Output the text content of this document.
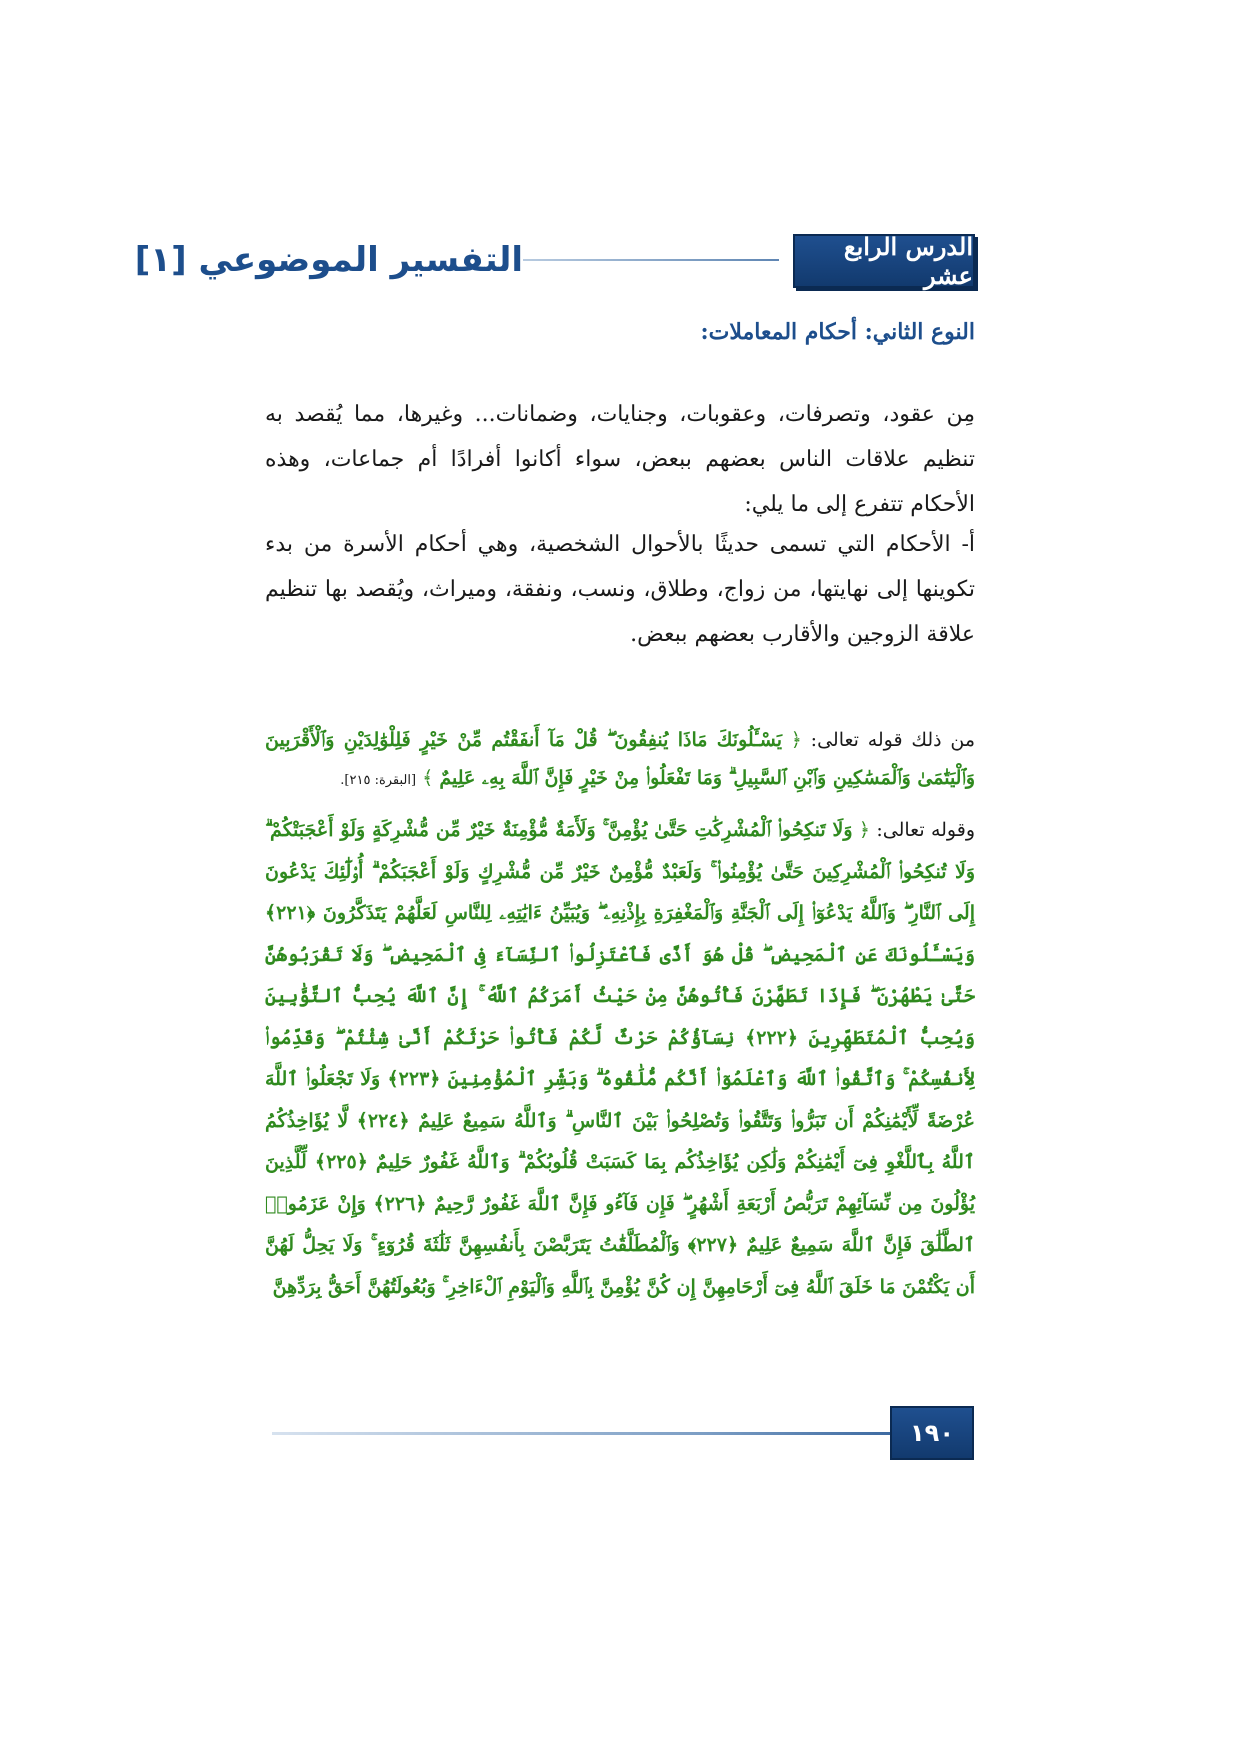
التفسير الموضوعي [١]	الدرس الرابع عشر
النوع الثاني: أحكام المعاملات:
مِن عقود، وتصرفات، وعقوبات، وجنايات، وضمانات... وغيرها، مما يُقصد به تنظيم علاقات الناس بعضهم ببعض، سواء أكانوا أفرادًا أم جماعات، وهذه الأحكام تتفرع إلى ما يلي:
أ- الأحكام التي تسمى حديثًا بالأحوال الشخصية، وهي أحكام الأسرة من بدء تكوينها إلى نهايتها، من زواج، وطلاق، ونسب، ونفقة، وميراث، ويُقصد بها تنظيم علاقة الزوجين والأقارب بعضهم ببعض.
من ذلك قوله تعالى: ﴿ يَسْـَٔلُونَكَ مَاذَا يُنفِقُونَ ۖ قُلْ مَآ أَنفَقْتُم مِّنْ خَيْرٍ فَلِلْوَٰلِدَيْنِ وَٱلْأَقْرَبِينَ وَٱلْيَتَٰمَىٰ وَٱلْمَسَٰكِينِ وَٱبْنِ ٱلسَّبِيلِ ۗ وَمَا تَفْعَلُوا۟ مِنْ خَيْرٍ فَإِنَّ ٱللَّهَ بِهِۦ عَلِيمٌ ﴾ [البقرة: ٢١٥].
وقوله تعالى: ﴿ وَلَا تَنكِحُوا۟ ٱلْمُشْرِكَٰتِ حَتَّىٰ يُؤْمِنَّ ۚ وَلَأَمَةٌ مُّؤْمِنَةٌ خَيْرٌ مِّن مُّشْرِكَةٍ وَلَوْ أَعْجَبَتْكُمْ ۗ وَلَا تُنكِحُوا۟ ٱلْمُشْرِكِينَ حَتَّىٰ يُؤْمِنُوا۟ ۚ وَلَعَبْدٌ مُّؤْمِنٌ خَيْرٌ مِّن مُّشْرِكٍ وَلَوْ أَعْجَبَكُمْ ۗ أُو۟لَٰٓئِكَ يَدْعُونَ إِلَى ٱلنَّارِ ۖ وَٱللَّهُ يَدْعُوٓا۟ إِلَى ٱلْجَنَّةِ وَٱلْمَغْفِرَةِ بِإِذْنِهِۦ ۖ وَيُبَيِّنُ ءَايَٰتِهِۦ لِلنَّاسِ لَعَلَّهُمْ يَتَذَكَّرُونَ ﴿٢٢١﴾ وَيَسْـَٔلُونَكَ عَنِ ٱلْمَحِيضِ ۖ قُلْ هُوَ أَذًى فَٱعْتَزِلُوا۟ ٱلنِّسَآءَ فِى ٱلْمَحِيضِ ۖ وَلَا تَقْرَبُوهُنَّ حَتَّىٰ يَطْهُرْنَ ۖ فَإِذَا تَطَهَّرْنَ فَأْتُوهُنَّ مِنْ حَيْثُ أَمَرَكُمُ ٱللَّهُ ۚ إِنَّ ٱللَّهَ يُحِبُّ ٱلتَّوَّٰبِينَ وَيُحِبُّ ٱلْمُتَطَهِّرِينَ ﴿٢٢٢﴾ نِسَآؤُكُمْ حَرْثٌ لَّكُمْ فَأْتُوا۟ حَرْثَكُمْ أَنَّىٰ شِئْتُمْ ۖ وَقَدِّمُوا۟ لِأَنفُسِكُمْ ۚ وَٱتَّقُوا۟ ٱللَّهَ وَٱعْلَمُوٓا۟ أَنَّكُم مُّلَٰقُوهُ ۗ وَبَشِّرِ ٱلْمُؤْمِنِينَ ﴿٢٢٣﴾ وَلَا تَجْعَلُوا۟ ٱللَّهَ عُرْضَةً لِّأَيْمَٰنِكُمْ أَن تَبَرُّوا۟ وَتَتَّقُوا۟ وَتُصْلِحُوا۟ بَيْنَ ٱلنَّاسِ ۗ وَٱللَّهُ سَمِيعٌ عَلِيمٌ ﴿٢٢٤﴾ لَّا يُؤَاخِذُكُمُ ٱللَّهُ بِٱللَّغْوِ فِىٓ أَيْمَٰنِكُمْ وَلَٰكِن يُؤَاخِذُكُم بِمَا كَسَبَتْ قُلُوبُكُمْ ۗ وَٱللَّهُ غَفُورٌ حَلِيمٌ ﴿٢٢٥﴾ لِّلَّذِينَ يُؤْلُونَ مِن نِّسَآئِهِمْ تَرَبُّصُ أَرْبَعَةِ أَشْهُرٍ ۖ فَإِن فَآءُو فَإِنَّ ٱللَّهَ غَفُورٌ رَّحِيمٌ ﴿٢٢٦﴾ وَإِنْ عَزَمُوا۟ ٱلطَّلَٰقَ فَإِنَّ ٱللَّهَ سَمِيعٌ عَلِيمٌ ﴿٢٢٧﴾ وَٱلْمُطَلَّقَٰتُ يَتَرَبَّصْنَ بِأَنفُسِهِنَّ ثَلَٰثَةَ قُرُوٓءٍ ۚ وَلَا يَحِلُّ لَهُنَّ أَن يَكْتُمْنَ مَا خَلَقَ ٱللَّهُ فِىٓ أَرْحَامِهِنَّ إِن كُنَّ يُؤْمِنَّ بِٱللَّهِ وَٱلْيَوْمِ ٱلْءَاخِرِ ۚ وَبُعُولَتُهُنَّ أَحَقُّ بِرَدِّهِنَّ
١٩٠
